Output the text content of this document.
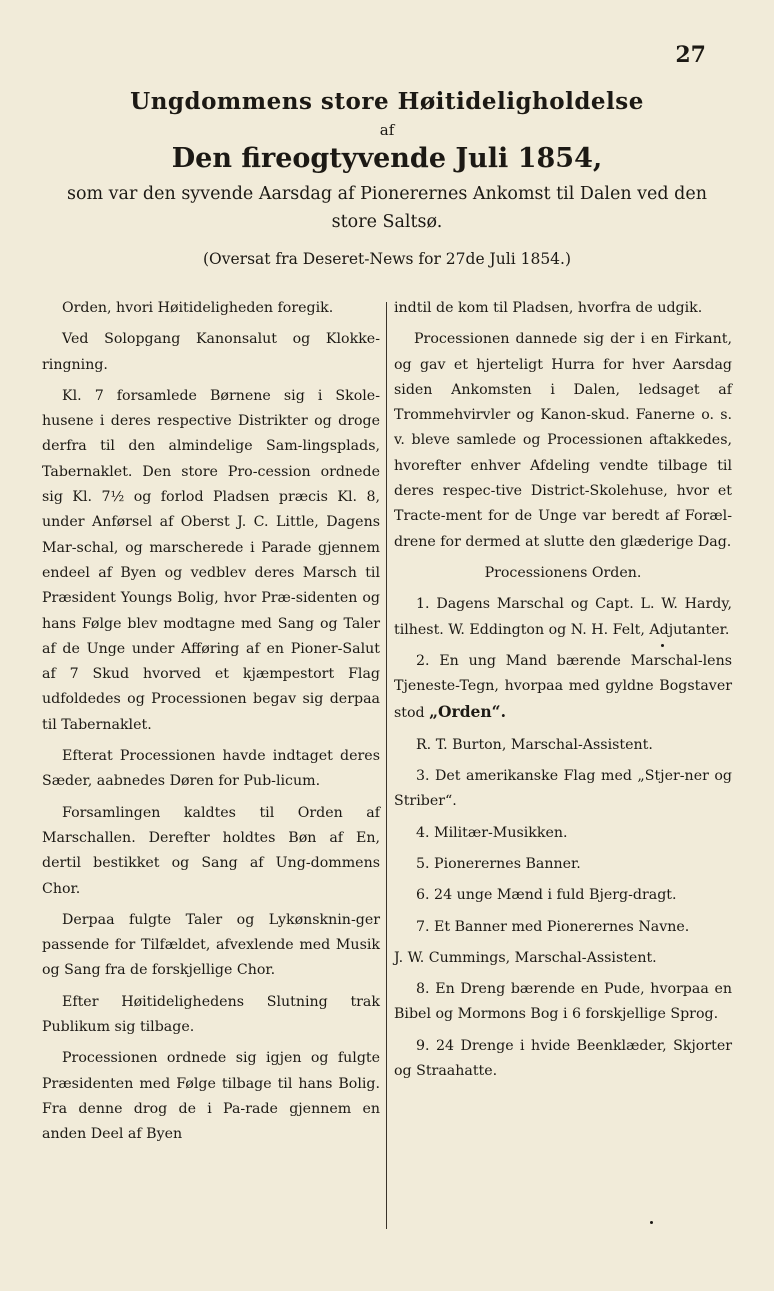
27
Ungdommens store Høitideligholdelse
af
Den fireogtyvende Juli 1854,
som var den syvende Aarsdag af Pionerernes Ankomst til Dalen ved den store Saltsø.
(Oversat fra Deseret-News for 27de Juli 1854.)

Orden, hvori Høitideligheden foregik.

Ved Solopgang Kanonsalut og Klokke-ringning.

Kl. 7 forsamlede Børnene sig i Skole-husene i deres respective Distrikter og droge derfra til den almindelige Sam-lingsplads, Tabernaklet. Den store Pro-cession ordnede sig Kl. 7½ og forlod Pladsen præcis Kl. 8, under Anførsel af Oberst J. C. Little, Dagens Mar-schal, og marscherede i Parade gjennem endeel af Byen og vedblev deres Marsch til Præsident Youngs Bolig, hvor Præ-sidenten og hans Følge blev modtagne med Sang og Taler af de Unge under Afføring af en Pioner-Salut af 7 Skud hvorved et kjæmpestort Flag udfoldedes og Processionen begav sig derpaa til Tabernaklet.

Efterat Processionen havde indtaget deres Sæder, aabnedes Døren for Pub-licum.

Forsamlingen kaldtes til Orden af Marschallen. Derefter holdtes Bøn af En, dertil bestikket og Sang af Ung-dommens Chor.

Derpaa fulgte Taler og Lykønsknin-ger passende for Tilfældet, afvexlende med Musik og Sang fra de forskjellige Chor.

Efter Høitidelighedens Slutning trak Publikum sig tilbage.

Processionen ordnede sig igjen og fulgte Præsidenten med Følge tilbage til hans Bolig. Fra denne drog de i Pa-rade gjennem en anden Deel af Byen

indtil de kom til Pladsen, hvorfra de udgik.

Processionen dannede sig der i en Firkant, og gav et hjerteligt Hurra for hver Aarsdag siden Ankomsten i Dalen, ledsaget af Trommehvirvler og Kanon-skud. Fanerne o. s. v. bleve samlede og Processionen aftakkedes, hvorefter enhver Afdeling vendte tilbage til deres respec-tive District-Skolehuse, hvor et Tracte-ment for de Unge var beredt af Foræl-drene for dermed at slutte den glæderige Dag.

Processionens Orden.

1. Dagens Marschal og Capt. L. W. Hardy, tilhest. W. Eddington og N. H. Felt, Adjutanter.

2. En ung Mand bærende Marschal-lens Tjeneste-Tegn, hvorpaa med gyldne Bogstaver stod „Orden“.

R. T. Burton, Marschal-Assistent.

3. Det amerikanske Flag med „Stjer-ner og Striber“.

4. Militær-Musikken.

5. Pionerernes Banner.

6. 24 unge Mænd i fuld Bjerg-dragt.

7. Et Banner med Pionerernes Navne.

J. W. Cummings, Marschal-Assistent.

8. En Dreng bærende en Pude, hvorpaa en Bibel og Mormons Bog i 6 forskjellige Sprog.

9. 24 Drenge i hvide Beenklæder, Skjorter og Straahatte.
